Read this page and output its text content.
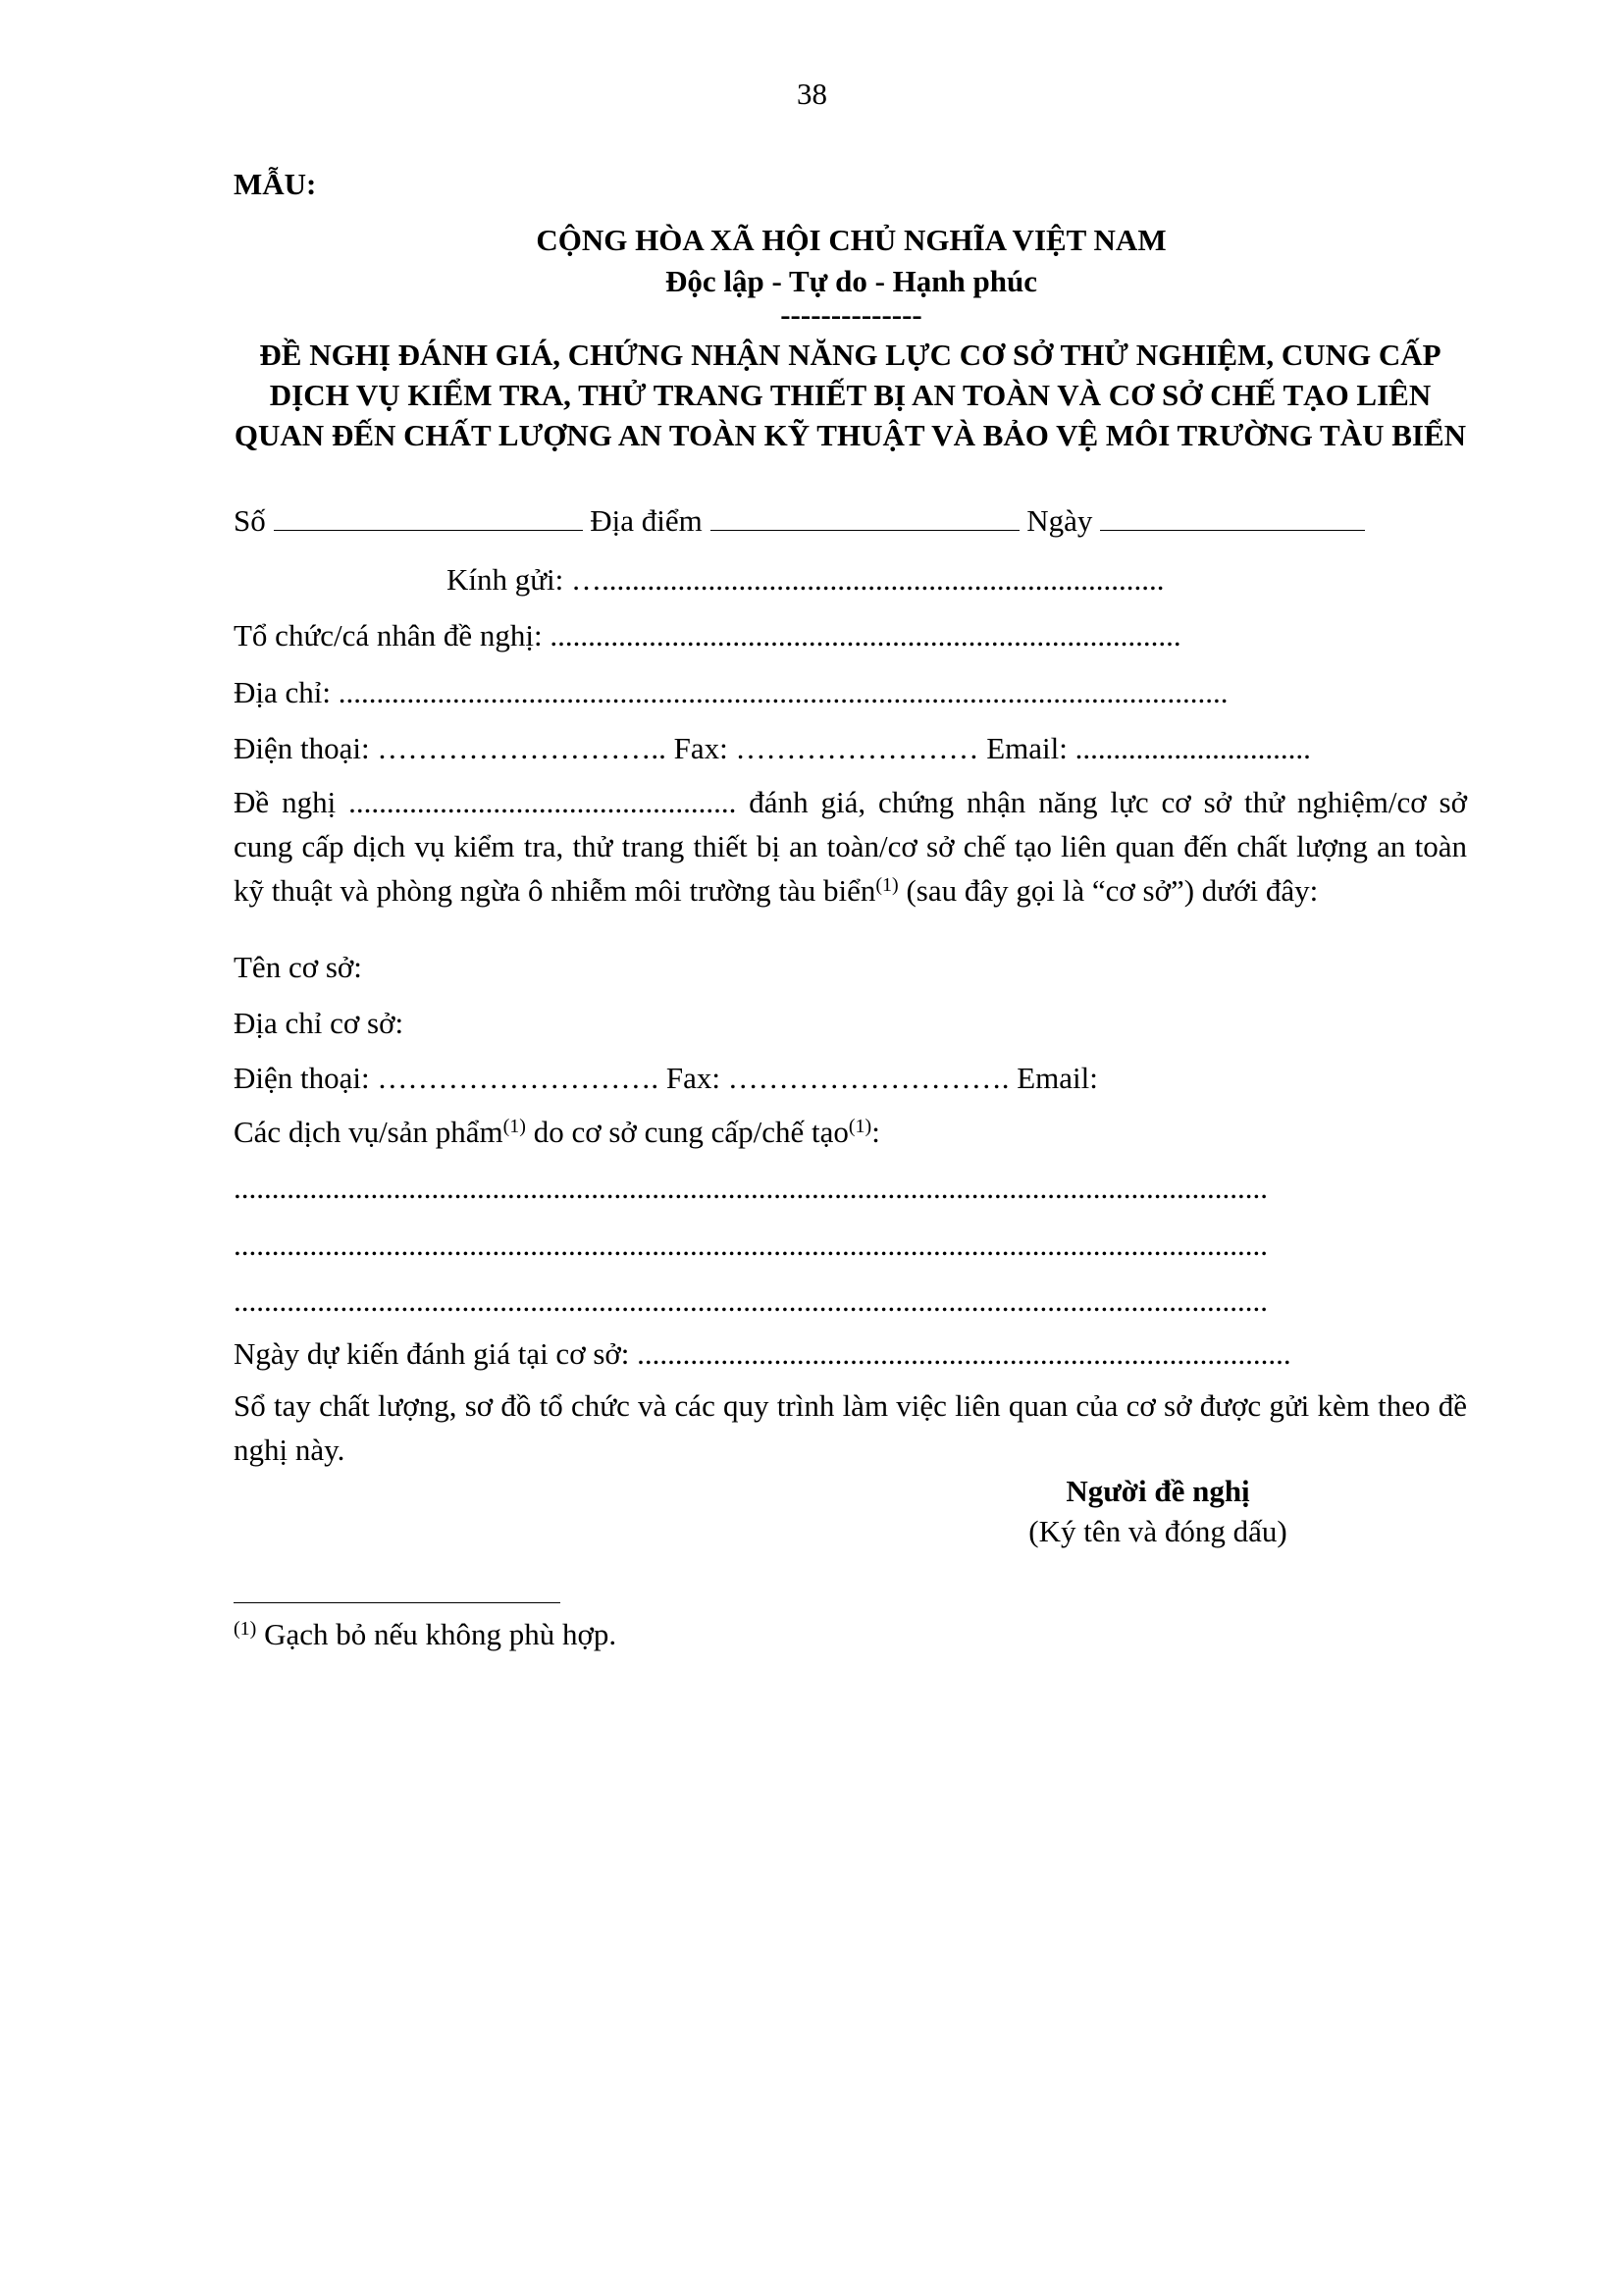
38
MẪU:
CỘNG HÒA XÃ HỘI CHỦ NGHĨA VIỆT NAM
Độc lập - Tự do - Hạnh phúc
--------------
ĐỀ NGHỊ ĐÁNH GIÁ, CHỨNG NHẬN NĂNG LỰC CƠ SỞ THỬ NGHIỆM, CUNG CẤP DỊCH VỤ KIỂM TRA, THỬ TRANG THIẾT BỊ AN TOÀN VÀ CƠ SỞ CHẾ TẠO LIÊN QUAN ĐẾN CHẤT LƯỢNG AN TOÀN KỸ THUẬT VÀ BẢO VỆ MÔI TRƯỜNG TÀU BIỂN
Số	Địa điểm	Ngày
Kính gửi: …..........................................................................
Tổ chức/cá nhân đề nghị: ...................................................................................
Địa chỉ: .....................................................................................................................
Điện thoại: ……………………….. Fax: …………………… Email: ...............................
Đề nghị ................................................... đánh giá, chứng nhận năng lực cơ sở thử nghiệm/cơ sở cung cấp dịch vụ kiểm tra, thử trang thiết bị an toàn/cơ sở chế tạo liên quan đến chất lượng an toàn kỹ thuật và phòng ngừa ô nhiễm môi trường tàu biển$^{(1)}$ (sau đây gọi là “cơ sở”) dưới đây:
Tên cơ sở:
Địa chỉ cơ sở:
Điện thoại: ………………………. Fax: ………………………. Email:
Các dịch vụ/sản phẩm$^{(1)}$ do cơ sở cung cấp/chế tạo$^{(1)}$:
........................................................................................................................................
........................................................................................................................................
........................................................................................................................................
Ngày dự kiến đánh giá tại cơ sở: ......................................................................................
Sổ tay chất lượng, sơ đồ tổ chức và các quy trình làm việc liên quan của cơ sở được gửi kèm theo đề nghị này.
Người đề nghị
(Ký tên và đóng dấu)
$^{(1)}$ Gạch bỏ nếu không phù hợp.
